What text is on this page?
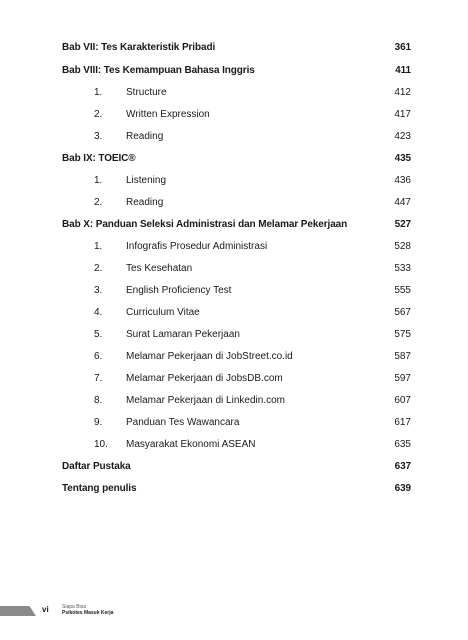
Bab VII: Tes Karakteristik Pribadi	361
Bab VIII: Tes Kemampuan Bahasa Inggris	411
1. Structure	412
2. Written Expression	417
3. Reading	423
Bab IX: TOEIC®	435
1. Listening	436
2. Reading	447
Bab X: Panduan Seleksi Administrasi dan Melamar Pekerjaan	527
1. Infografis Prosedur Administrasi	528
2. Tes Kesehatan	533
3. English Proficiency Test	555
4. Curriculum Vitae	567
5. Surat Lamaran Pekerjaan	575
6. Melamar Pekerjaan di JobStreet.co.id	587
7. Melamar Pekerjaan di JobsDB.com	597
8. Melamar Pekerjaan di Linkedin.com	607
9. Panduan Tes Wawancara	617
10. Masyarakat Ekonomi ASEAN	635
Daftar Pustaka	637
Tentang penulis	639
vi	Siapa Bisa
Psikotes Masuk Kerja
